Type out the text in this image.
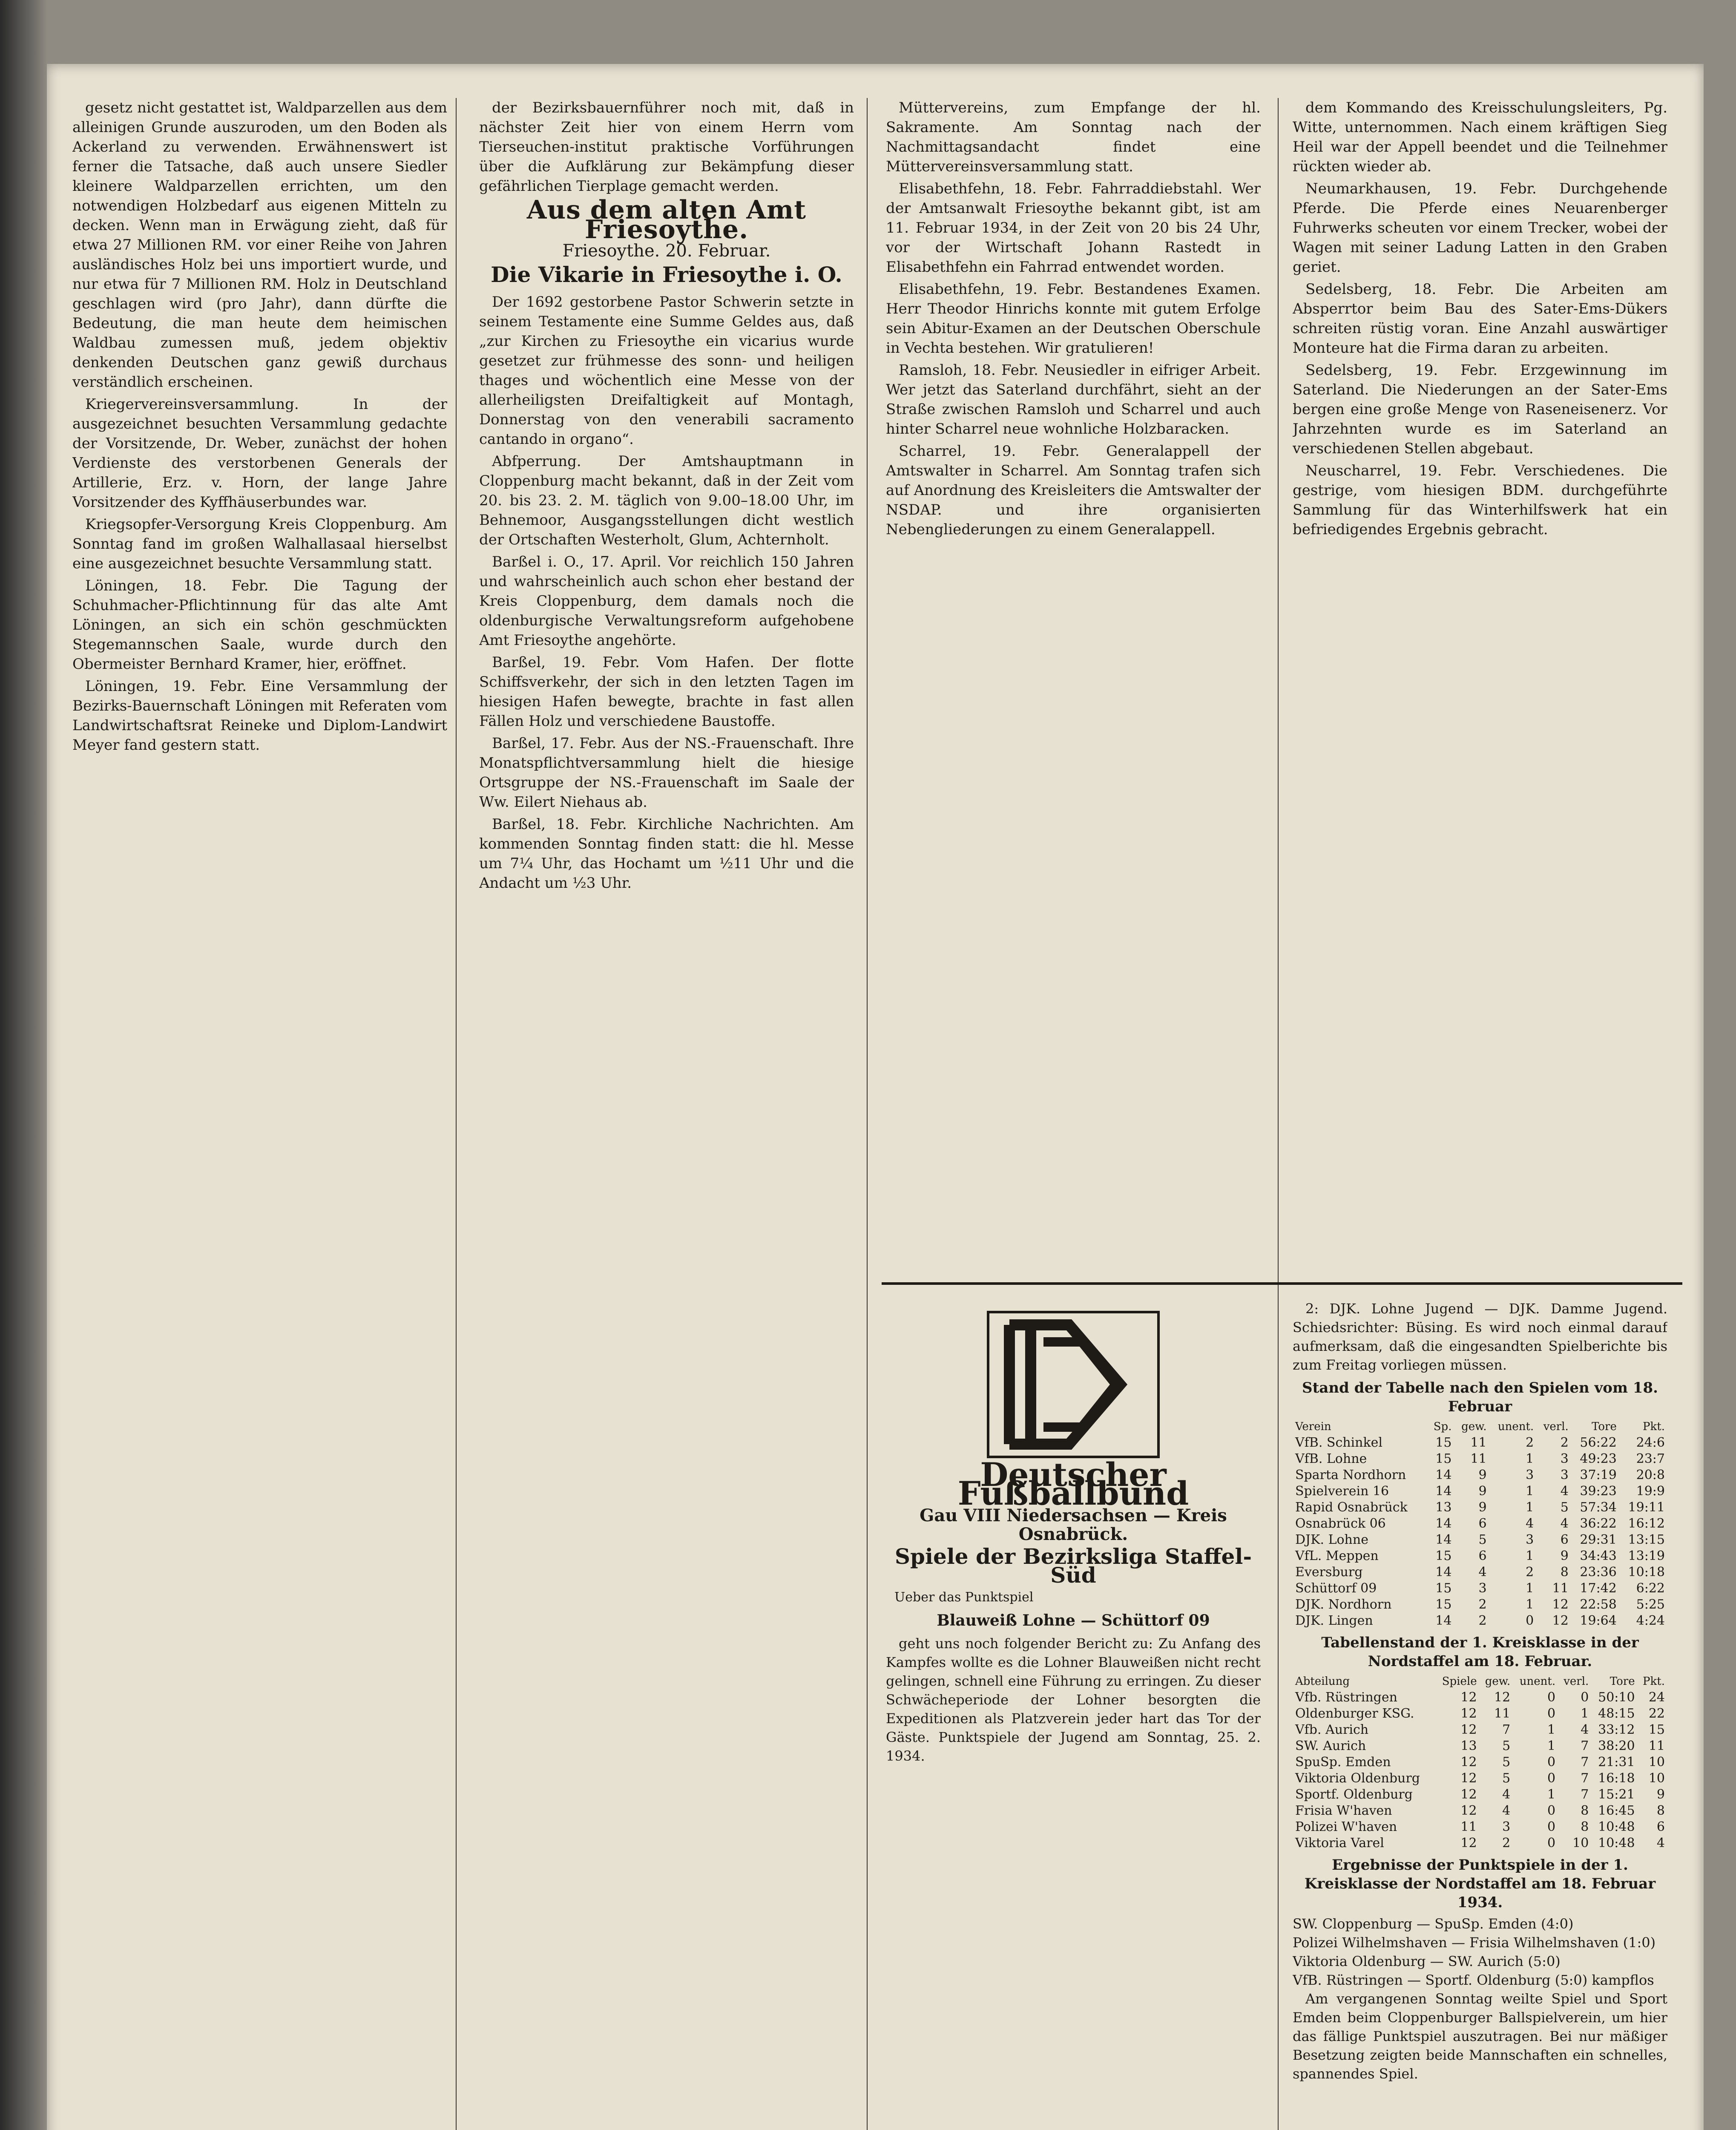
gesetz nicht gestattet ist, Waldparzellen aus dem alleinigen Grunde auszuroden, um den Boden als Ackerland zu verwenden. Erwähnenswert ist ferner die Tatsache, daß auch unsere Siedler kleinere Waldparzellen errichten, um den notwendigen Holzbedarf aus eigenen Mitteln zu decken. Wenn man in Erwägung zieht, daß für etwa 27 Millionen RM. vor einer Reihe von Jahren ausländisches Holz bei uns importiert wurde, und nur etwa für 7 Millionen RM. Holz in Deutschland geschlagen wird (pro Jahr), dann dürfte die Bedeutung, die man heute dem heimischen Waldbau zumessen muß, jedem objektiv denkenden Deutschen ganz gewiß durchaus verständlich erscheinen.

Kriegervereinsversammlung. In der ausgezeichnet besuchten Versammlung gedachte der Vorsitzende, Dr. Weber, zunächst der hohen Verdienste des verstorbenen Generals der Artillerie, Erz. v. Horn, der lange Jahre Vorsitzender des Kyffhäuserbundes war.

Kriegsopfer-Versorgung Kreis Cloppenburg. Am Sonntag fand im großen Walhallasaal hierselbst eine ausgezeichnet besuchte Versammlung statt.

Löningen, 18. Febr. Die Tagung der Schuhmacher-Pflichtinnung für das alte Amt Löningen, an sich ein schön geschmückten Stegemannschen Saale, wurde durch den Obermeister Bernhard Kramer, hier, eröffnet.

Löningen, 19. Febr. Eine Versammlung der Bezirks-Bauernschaft Löningen mit Referaten vom Landwirtschaftsrat Reineke und Diplom-Landwirt Meyer fand gestern statt.

der Bezirksbauernführer noch mit, daß in nächster Zeit hier von einem Herrn vom Tierseuchen-institut praktische Vorführungen über die Aufklärung zur Bekämpfung dieser gefährlichen Tierplage gemacht werden.

Aus dem alten Amt Friesoythe.
Friesoythe. 20. Februar.
Die Vikarie in Friesoythe i. O.

Der 1692 gestorbene Pastor Schwerin setzte in seinem Testamente eine Summe Geldes aus, daß „zur Kirchen zu Friesoythe ein vicarius wurde gesetzet zur frühmesse des sonn- und heiligen thages und wöchentlich eine Messe von der allerheiligsten Dreifaltigkeit auf Montagh, Donnerstag von den venerabili sacramento cantando in organo“.

Abfperrung. Der Amtshauptmann in Cloppenburg macht bekannt, daß in der Zeit vom 20. bis 23. 2. M. täglich von 9.00–18.00 Uhr, im Behnemoor, Ausgangsstellungen dicht westlich der Ortschaften Westerholt, Glum, Achternholt.

Barßel i. O., 17. April. Vor reichlich 150 Jahren und wahrscheinlich auch schon eher bestand der Kreis Cloppenburg, dem damals noch die oldenburgische Verwaltungsreform aufgehobene Amt Friesoythe angehörte.

Barßel, 19. Febr. Vom Hafen. Der flotte Schiffsverkehr, der sich in den letzten Tagen im hiesigen Hafen bewegte, brachte in fast allen Fällen Holz und verschiedene Baustoffe.

Barßel, 17. Febr. Aus der NS.-Frauenschaft. Ihre Monatspflichtversammlung hielt die hiesige Ortsgruppe der NS.-Frauenschaft im Saale der Ww. Eilert Niehaus ab.

Barßel, 18. Febr. Kirchliche Nachrichten. Am kommenden Sonntag finden statt: die hl. Messe um 7¼ Uhr, das Hochamt um ½11 Uhr und die Andacht um ½3 Uhr.

Müttervereins, zum Empfange der hl. Sakramente. Am Sonntag nach der Nachmittagsandacht findet eine Müttervereinsversammlung statt.

Elisabethfehn, 18. Febr. Fahrraddiebstahl. Wer der Amtsanwalt Friesoythe bekannt gibt, ist am 11. Februar 1934, in der Zeit von 20 bis 24 Uhr, vor der Wirtschaft Johann Rastedt in Elisabethfehn ein Fahrrad entwendet worden.

Elisabethfehn, 19. Febr. Bestandenes Examen. Herr Theodor Hinrichs konnte mit gutem Erfolge sein Abitur-Examen an der Deutschen Oberschule in Vechta bestehen. Wir gratulieren!

Ramsloh, 18. Febr. Neusiedler in eifriger Arbeit. Wer jetzt das Saterland durchfährt, sieht an der Straße zwischen Ramsloh und Scharrel und auch hinter Scharrel neue wohnliche Holzbaracken.

Scharrel, 19. Febr. Generalappell der Amtswalter in Scharrel. Am Sonntag trafen sich auf Anordnung des Kreisleiters die Amtswalter der NSDAP. und ihre organisierten Nebengliederungen zu einem Generalappell.

dem Kommando des Kreisschulungsleiters, Pg. Witte, unternommen. Nach einem kräftigen Sieg Heil war der Appell beendet und die Teilnehmer rückten wieder ab.

Neumarkhausen, 19. Febr. Durchgehende Pferde. Die Pferde eines Neuarenberger Fuhrwerks scheuten vor einem Trecker, wobei der Wagen mit seiner Ladung Latten in den Graben geriet.

Sedelsberg, 18. Febr. Die Arbeiten am Absperrtor beim Bau des Sater-Ems-Dükers schreiten rüstig voran. Eine Anzahl auswärtiger Monteure hat die Firma daran zu arbeiten.

Sedelsberg, 19. Febr. Erzgewinnung im Saterland. Die Niederungen an der Sater-Ems bergen eine große Menge von Raseneisenerz. Vor Jahrzehnten wurde es im Saterland an verschiedenen Stellen abgebaut.

Neuscharrel, 19. Febr. Verschiedenes. Die gestrige, vom hiesigen BDM. durchgeführte Sammlung für das Winterhilfswerk hat ein befriedigendes Ergebnis gebracht.

Deutscher Fußballbund
Gau VIII Niedersachsen — Kreis Osnabrück.
Spiele der Bezirksliga Staffel-Süd
Ueber das Punktspiel
Blauweiß Lohne — Schüttorf 09

geht uns noch folgender Bericht zu: Zu Anfang des Kampfes wollte es die Lohner Blauweißen nicht recht gelingen, schnell eine Führung zu erringen. Zu dieser Schwächeperiode der Lohner besorgten die Expeditionen als Platzverein jeder hart das Tor der Gäste. Punktspiele der Jugend am Sonntag, 25. 2. 1934.

2: DJK. Lohne Jugend — DJK. Damme Jugend. Schiedsrichter: Büsing. Es wird noch einmal darauf aufmerksam, daß die eingesandten Spielberichte bis zum Freitag vorliegen müssen.

Stand der Tabelle nach den Spielen vom 18. Februar
Verein	Sp.	gew.	unent.	verl.	Tore	Pkt.
VfB. Schinkel	15	11	2	2	56:22	24:6
VfB. Lohne	15	11	1	3	49:23	23:7
Sparta Nordhorn	14	9	3	3	37:19	20:8
Spielverein 16	14	9	1	4	39:23	19:9
Rapid Osnabrück	13	9	1	5	57:34	19:11
Osnabrück 06	14	6	4	4	36:22	16:12
DJK. Lohne	14	5	3	6	29:31	13:15
VfL. Meppen	15	6	1	9	34:43	13:19
Eversburg	14	4	2	8	23:36	10:18
Schüttorf 09	15	3	1	11	17:42	6:22
DJK. Nordhorn	15	2	1	12	22:58	5:25
DJK. Lingen	14	2	0	12	19:64	4:24
Tabellenstand der 1. Kreisklasse in der Nordstaffel am 18. Februar.
Abteilung	Spiele	gew.	unent.	verl.	Tore	Pkt.
Vfb. Rüstringen	12	12	0	0	50:10	24
Oldenburger KSG.	12	11	0	1	48:15	22
Vfb. Aurich	12	7	1	4	33:12	15
SW. Aurich	13	5	1	7	38:20	11
SpuSp. Emden	12	5	0	7	21:31	10
Viktoria Oldenburg	12	5	0	7	16:18	10
Sportf. Oldenburg	12	4	1	7	15:21	9
Frisia W'haven	12	4	0	8	16:45	8
Polizei W'haven	11	3	0	8	10:48	6
Viktoria Varel	12	2	0	10	10:48	4
Ergebnisse der Punktspiele in der 1. Kreisklasse der Nordstaffel am 18. Februar 1934.
SW. Cloppenburg — SpuSp. Emden (4:0)
Polizei Wilhelmshaven — Frisia Wilhelmshaven (1:0)
Viktoria Oldenburg — SW. Aurich (5:0)
VfB. Rüstringen — Sportf. Oldenburg (5:0) kampflos

Am vergangenen Sonntag weilte Spiel und Sport Emden beim Cloppenburger Ballspielverein, um hier das fällige Punktspiel auszutragen. Bei nur mäßiger Besetzung zeigten beide Mannschaften ein schnelles, spannendes Spiel.
